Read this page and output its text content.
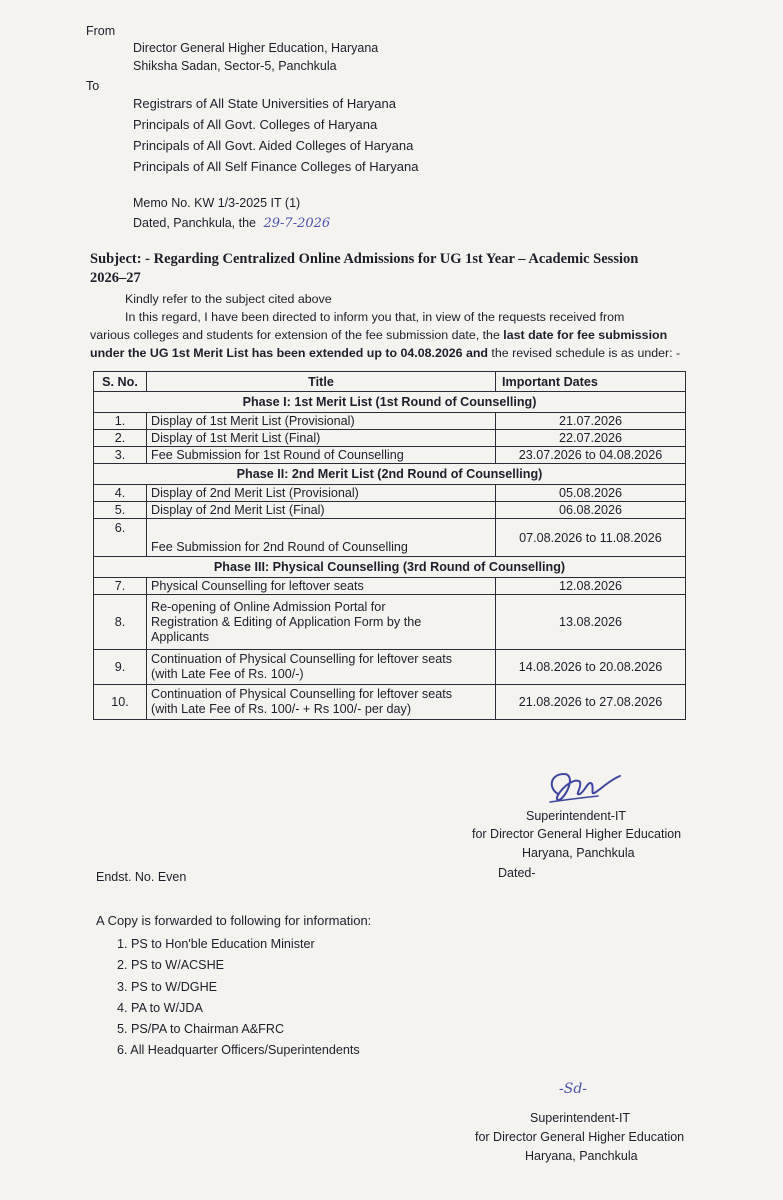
From
Director General Higher Education, Haryana
Shiksha Sadan, Sector-5, Panchkula
To
Registrars of All State Universities of Haryana
Principals of All Govt. Colleges of Haryana
Principals of All Govt. Aided Colleges of Haryana
Principals of All Self Finance Colleges of Haryana
Memo No. KW 1/3-2025 IT (1)
Dated, Panchkula, the 29-7-2026
Subject: - Regarding Centralized Online Admissions for UG 1st Year – Academic Session
2026–27
Kindly refer to the subject cited above
In this regard, I have been directed to inform you that, in view of the requests received from
various colleges and students for extension of the fee submission date, the last date for fee submission
under the UG 1st Merit List has been extended up to 04.08.2026 and the revised schedule is as under: -
S. No.	Title	Important Dates
Phase I: 1st Merit List (1st Round of Counselling)		
1.	Display of 1st Merit List (Provisional)	21.07.2026
2.	Display of 1st Merit List (Final)	22.07.2026
3.	Fee Submission for 1st Round of Counselling	23.07.2026 to 04.08.2026
Phase II: 2nd Merit List (2nd Round of Counselling)		
4.	Display of 2nd Merit List (Provisional)	05.08.2026
5.	Display of 2nd Merit List (Final)	06.08.2026
6.	Fee Submission for 2nd Round of Counselling	07.08.2026 to 11.08.2026
Phase III: Physical Counselling (3rd Round of Counselling)		
7.	Physical Counselling for leftover seats	12.08.2026
8.	Re-opening of Online Admission Portal for
Registration & Editing of Application Form by the
Applicants	13.08.2026
9.	Continuation of Physical Counselling for leftover seats
(with Late Fee of Rs. 100/-)	14.08.2026 to 20.08.2026
10.	Continuation of Physical Counselling for leftover seats
(with Late Fee of Rs. 100/- + Rs 100/- per day)	21.08.2026 to 27.08.2026
Superintendent-IT
for Director General Higher Education
Haryana, Panchkula
Dated-
Endst. No. Even
A Copy is forwarded to following for information:
1. PS to Hon'ble Education Minister
2. PS to W/ACSHE
3. PS to W/DGHE
4. PA to W/JDA
5. PS/PA to Chairman A&FRC
6. All Headquarter Officers/Superintendents
-Sd-
Superintendent-IT
for Director General Higher Education
Haryana, Panchkula
